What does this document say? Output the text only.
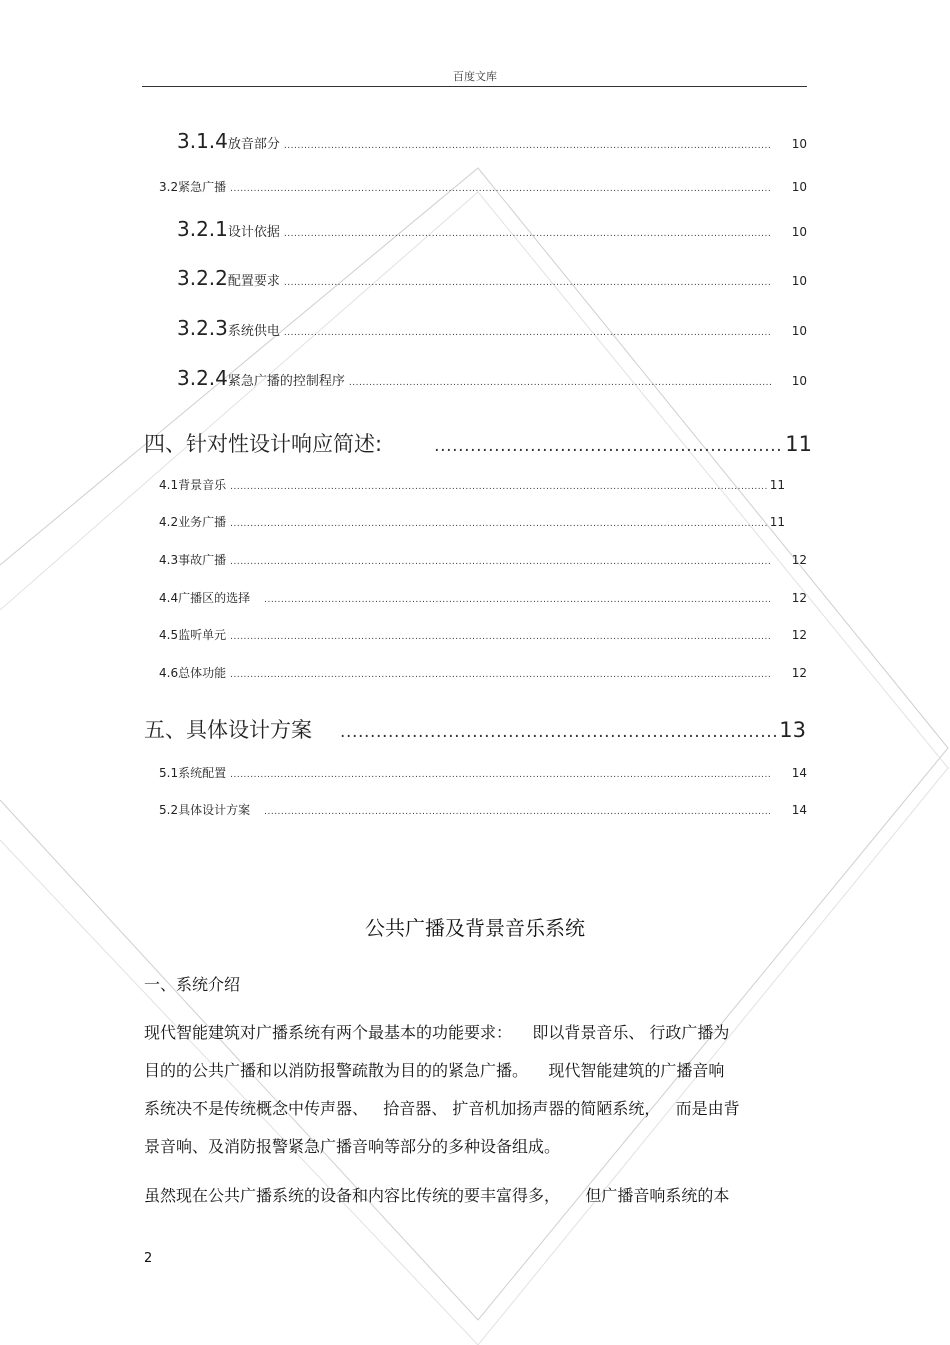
百度文库
3.1.4 放音部分 .....	10
3.2 紧急广播 .....	10
3.2.1 设计依据 .....	10
3.2.2 配置要求 .....	10
3.2.3 系统供电 .....	10
3.2.4 紧急广播的控制程序 .....	10
四、针对性设计响应简述: .....	11
4.1 背景音乐 .....	11
4.2 业务广播 .....	11
4.3 事故广播 .....	12
4.4 广播区的选择 .....	12
4.5 监听单元 .....	12
4.6 总体功能 .....	12
五、具体设计方案 .....	13
5.1 系统配置 .....	14
5.2 具体设计方案 .....	14
公共广播及背景音乐系统
一、系统介绍
现代智能建筑对广播系统有两个最基本的功能要求：    即以背景音乐、 行政广播为
目的的公共广播和以消防报警疏散为目的的紧急广播。    现代智能建筑的广播音响
系统决不是传统概念中传声器、   拾音器、 扩音机加扬声器的简陋系统，   而是由背
景音响、及消防报警紧急广播音响等部分的多种设备组成。
虽然现在公共广播系统的设备和内容比传统的要丰富得多，     但广播音响系统的本
2
